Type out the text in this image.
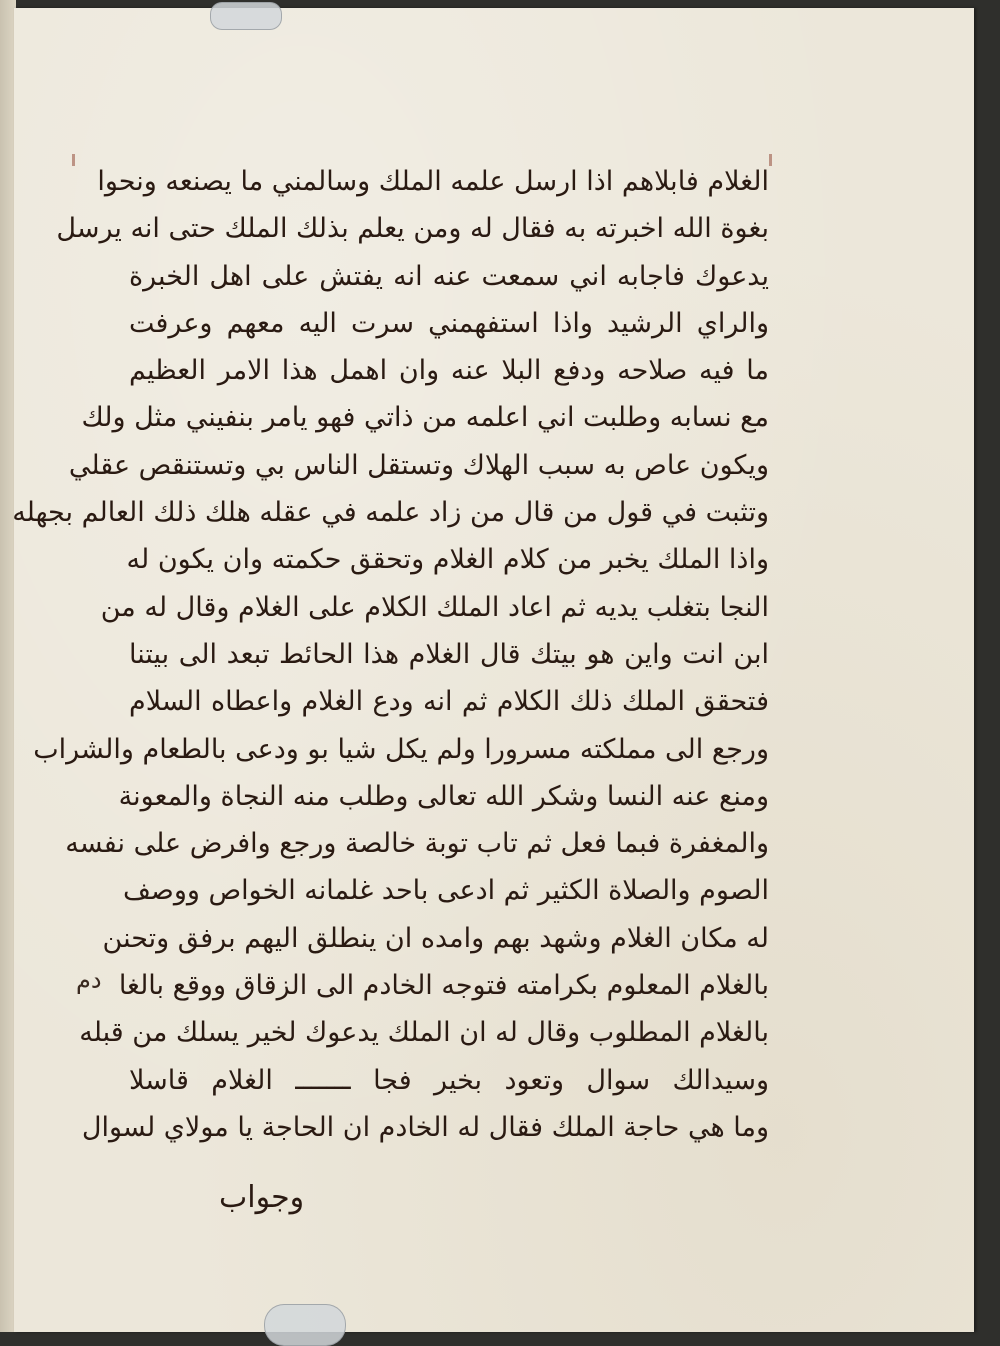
الغلام فابلاهم اذا ارسل علمه الملك وسالمني ما يصنعه ونحوا
بغوة الله اخبرته به فقال له ومن يعلم بذلك الملك حتى انه يرسل
يدعوك فاجابه اني سمعت عنه انه يفتش على اهل الخبرة
والراي الرشيد واذا استفهمني سرت اليه معهم وعرفت
ما فيه صلاحه ودفع البلا عنه وان اهمل هذا الامر العظيم
مع نسابه وطلبت اني اعلمه من ذاتي فهو يامر بنفيني مثل ولك
ويكون عاص به سبب الهلاك وتستقل الناس بي وتستنقص عقلي
وتثبت في قول من قال من زاد علمه في عقله هلك ذلك العالم بجهله
واذا الملك يخبر من كلام الغلام وتحقق حكمته وان يكون له
النجا بتغلب يديه ثم اعاد الملك الكلام على الغلام وقال له من
ابن انت واين هو بيتك قال الغلام هذا الحائط تبعد الى بيتنا
فتحقق الملك ذلك الكلام ثم انه ودع الغلام واعطاه السلام
ورجع الى مملكته مسرورا ولم يكل شيا بو ودعى بالطعام والشراب
ومنع عنه النسا وشكر الله تعالى وطلب منه النجاة والمعونة
والمغفرة فبما فعل ثم تاب توبة خالصة ورجع وافرض على نفسه
الصوم والصلاة الكثير ثم ادعى باحد غلمانه الخواص ووصف
له مكان الغلام وشهد بهم وامده ان ينطلق اليهم برفق وتحنن
بالغلام المعلوم بكرامته فتوجه الخادم الى الزقاق ووقع بالغا
بالغلام المطلوب وقال له ان الملك يدعوك لخير يسلك من قبله
وسيدالك سوال وتعود بخير فجا ـــــــ الغلام قاسلا
وما هي حاجة الملك فقال له الخادم ان الحاجة يا مولاي لسوال
دم
وجواب
